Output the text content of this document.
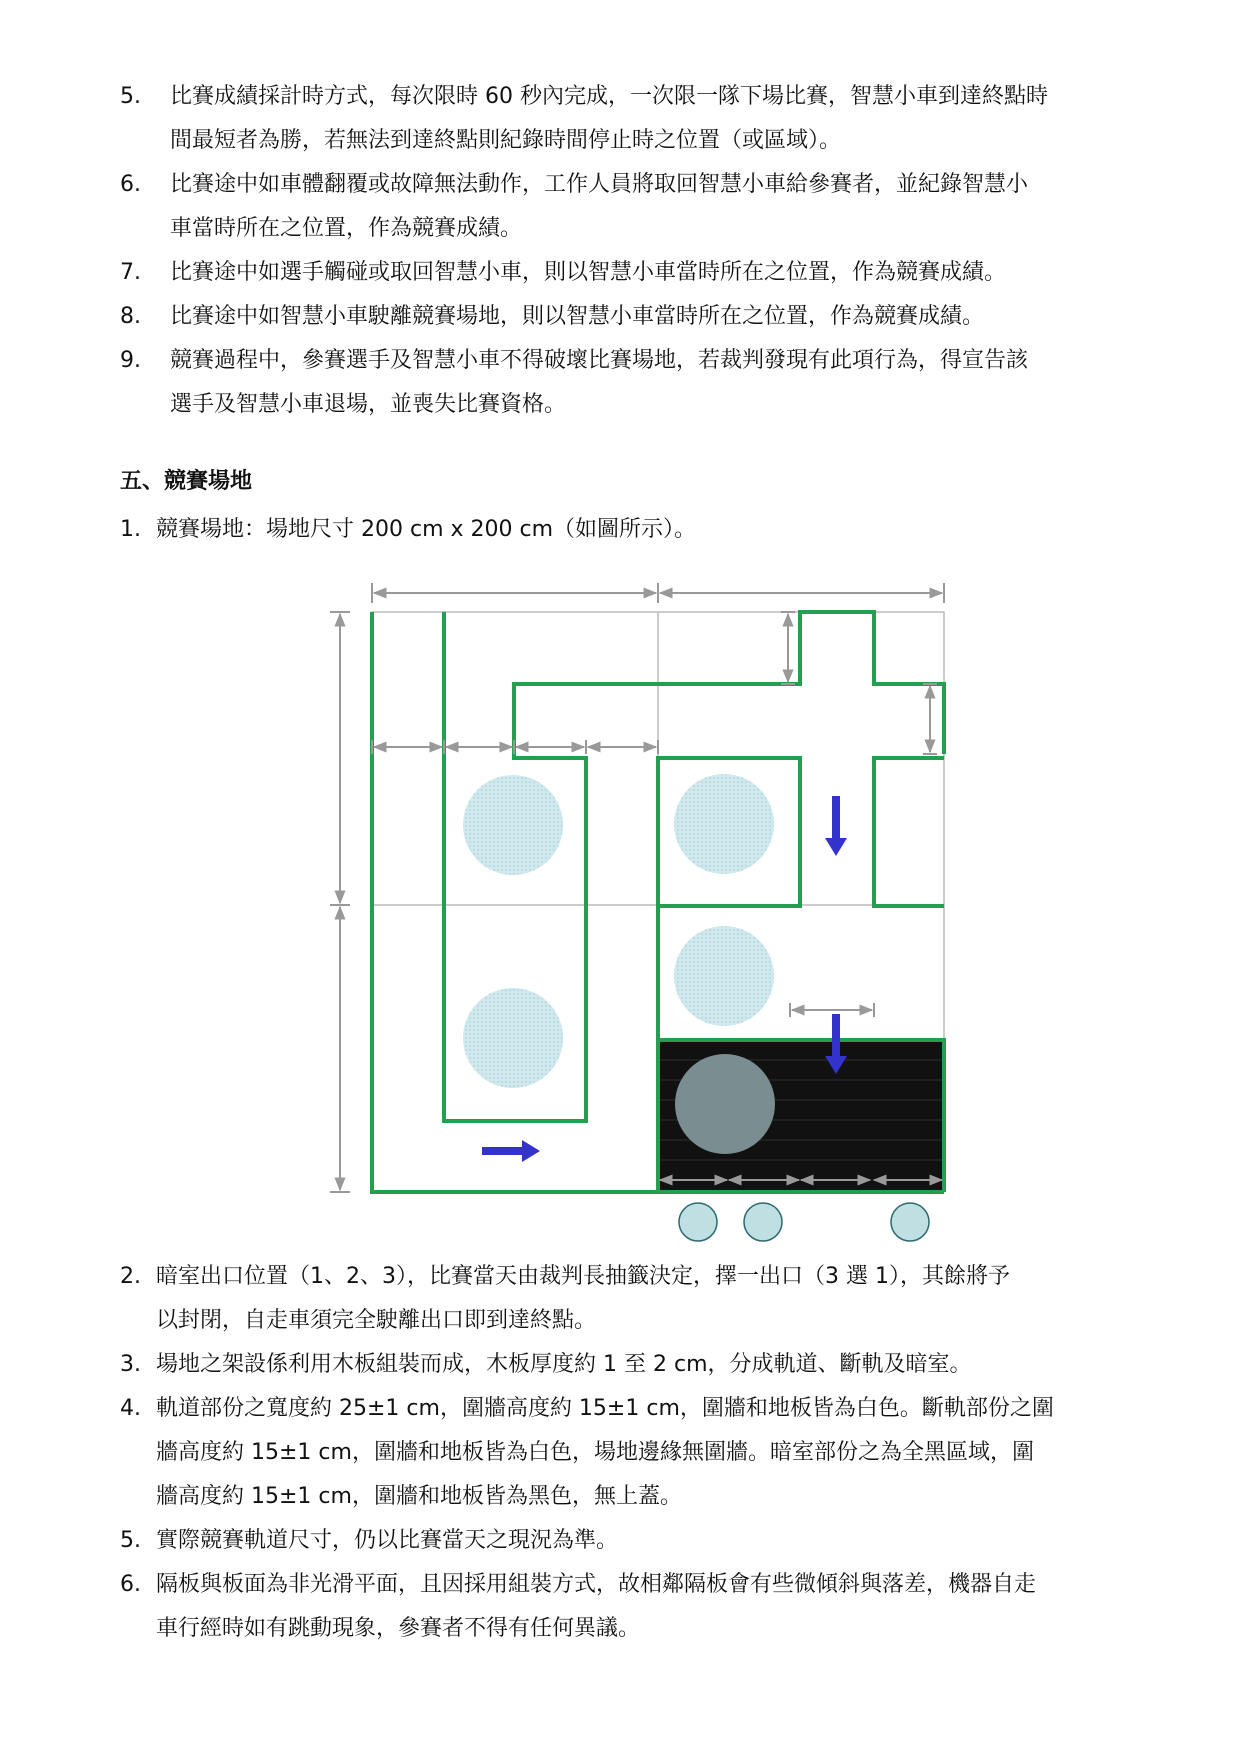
5. 比賽成績採計時方式，每次限時 60 秒內完成，一次限一隊下場比賽，智慧小車到達終點時
間最短者為勝，若無法到達終點則紀錄時間停止時之位置（或區域）。
6. 比賽途中如車體翻覆或故障無法動作，工作人員將取回智慧小車給參賽者，並紀錄智慧小
車當時所在之位置，作為競賽成績。
7. 比賽途中如選手觸碰或取回智慧小車，則以智慧小車當時所在之位置，作為競賽成績。
8. 比賽途中如智慧小車駛離競賽場地，則以智慧小車當時所在之位置，作為競賽成績。
9. 競賽過程中，參賽選手及智慧小車不得破壞比賽場地，若裁判發現有此項行為，得宣告該
選手及智慧小車退場，並喪失比賽資格。
五、競賽場地
1. 競賽場地：場地尺寸 200 cm x 200 cm（如圖所示）。
2. 暗室出口位置（1、2、3），比賽當天由裁判長抽籤決定，擇一出口（3 選 1），其餘將予
以封閉，自走車須完全駛離出口即到達終點。
3. 場地之架設係利用木板組裝而成，木板厚度約 1 至 2 cm，分成軌道、斷軌及暗室。
4. 軌道部份之寬度約 25±1 cm，圍牆高度約 15±1 cm，圍牆和地板皆為白色。斷軌部份之圍
牆高度約 15±1 cm，圍牆和地板皆為白色，場地邊緣無圍牆。暗室部份之為全黑區域，圍
牆高度約 15±1 cm，圍牆和地板皆為黑色，無上蓋。
5. 實際競賽軌道尺寸，仍以比賽當天之現況為準。
6. 隔板與板面為非光滑平面，且因採用組裝方式，故相鄰隔板會有些微傾斜與落差，機器自走
車行經時如有跳動現象，參賽者不得有任何異議。
